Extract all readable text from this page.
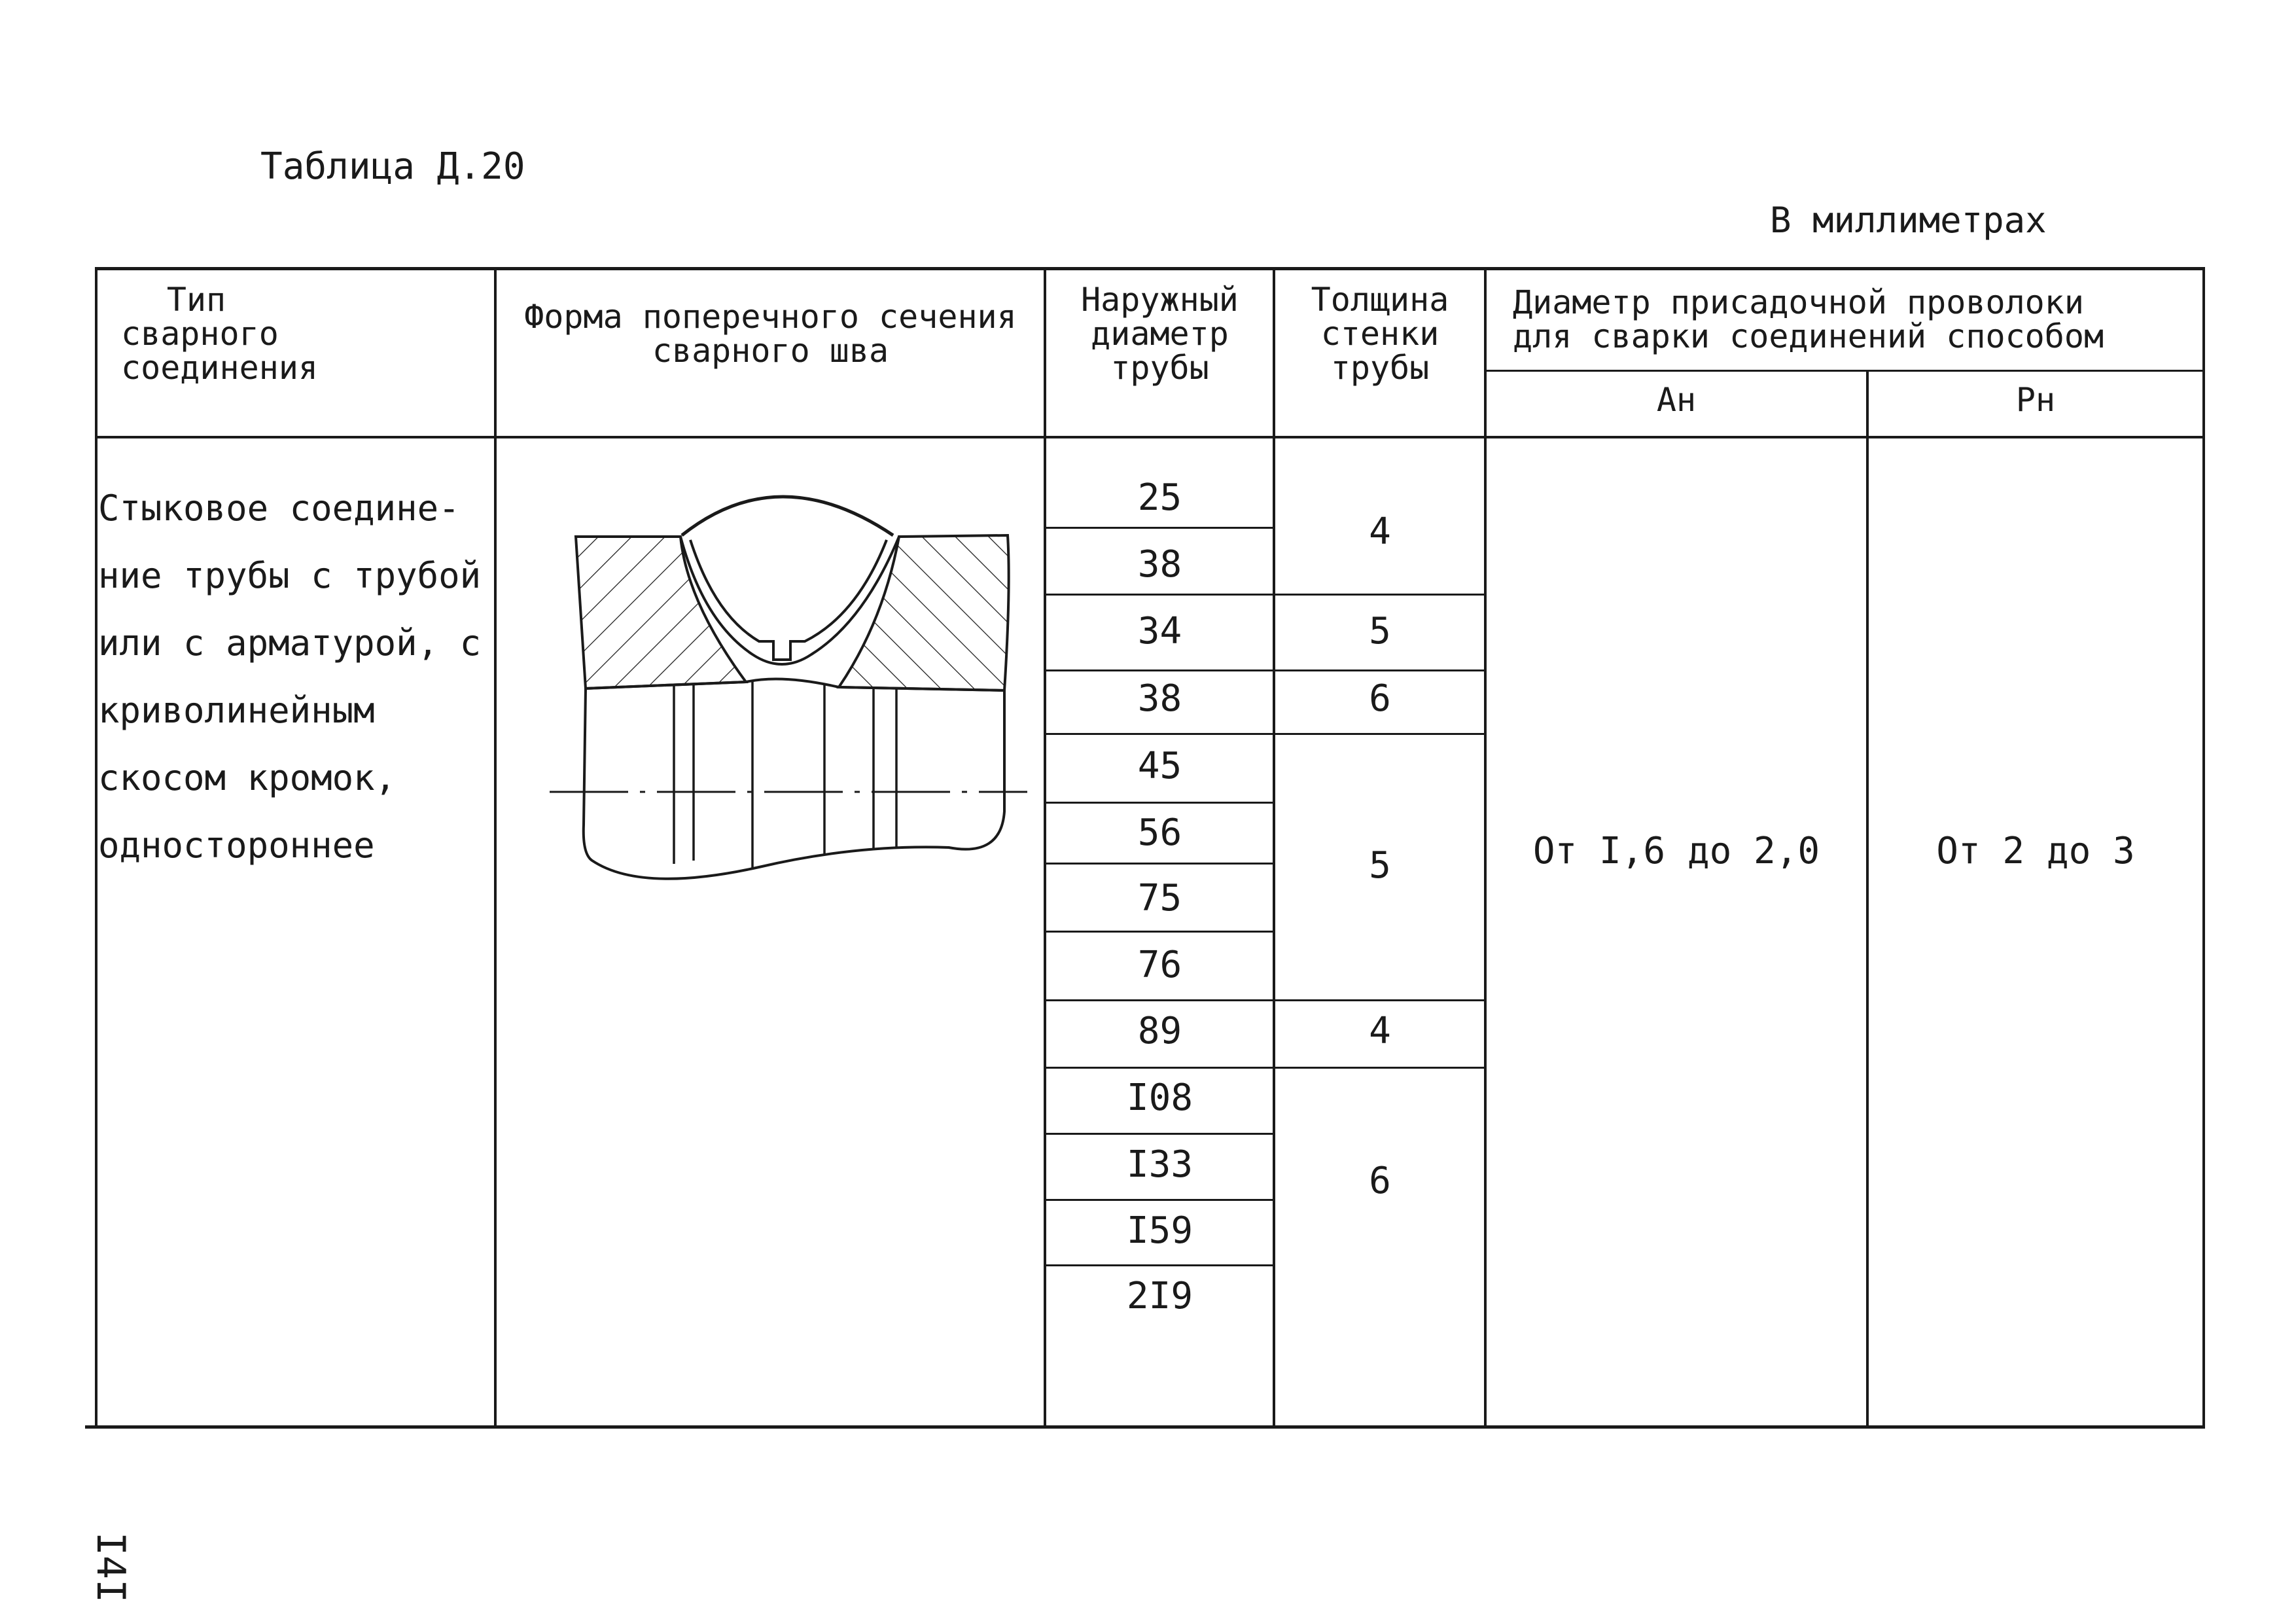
Таблица Д.20
В миллиметрах
Тип
сварного
соединения
Форма поперечного сечения
сварного шва
Наружный
диаметр
трубы
Толщина
стенки
трубы
Диаметр присадочной проволоки
для сварки соединений способом
Ан	Рн
Стыковое соедине-
ние трубы с трубой
или с арматурой, с
криволинейным
скосом кромок,
одностороннее
25
38
34
38
45
56
75
76
89
I08
I33
I59
2I9
4
5
6
5
4
6
От I,6 до 2,0	От 2 до 3
I4I
